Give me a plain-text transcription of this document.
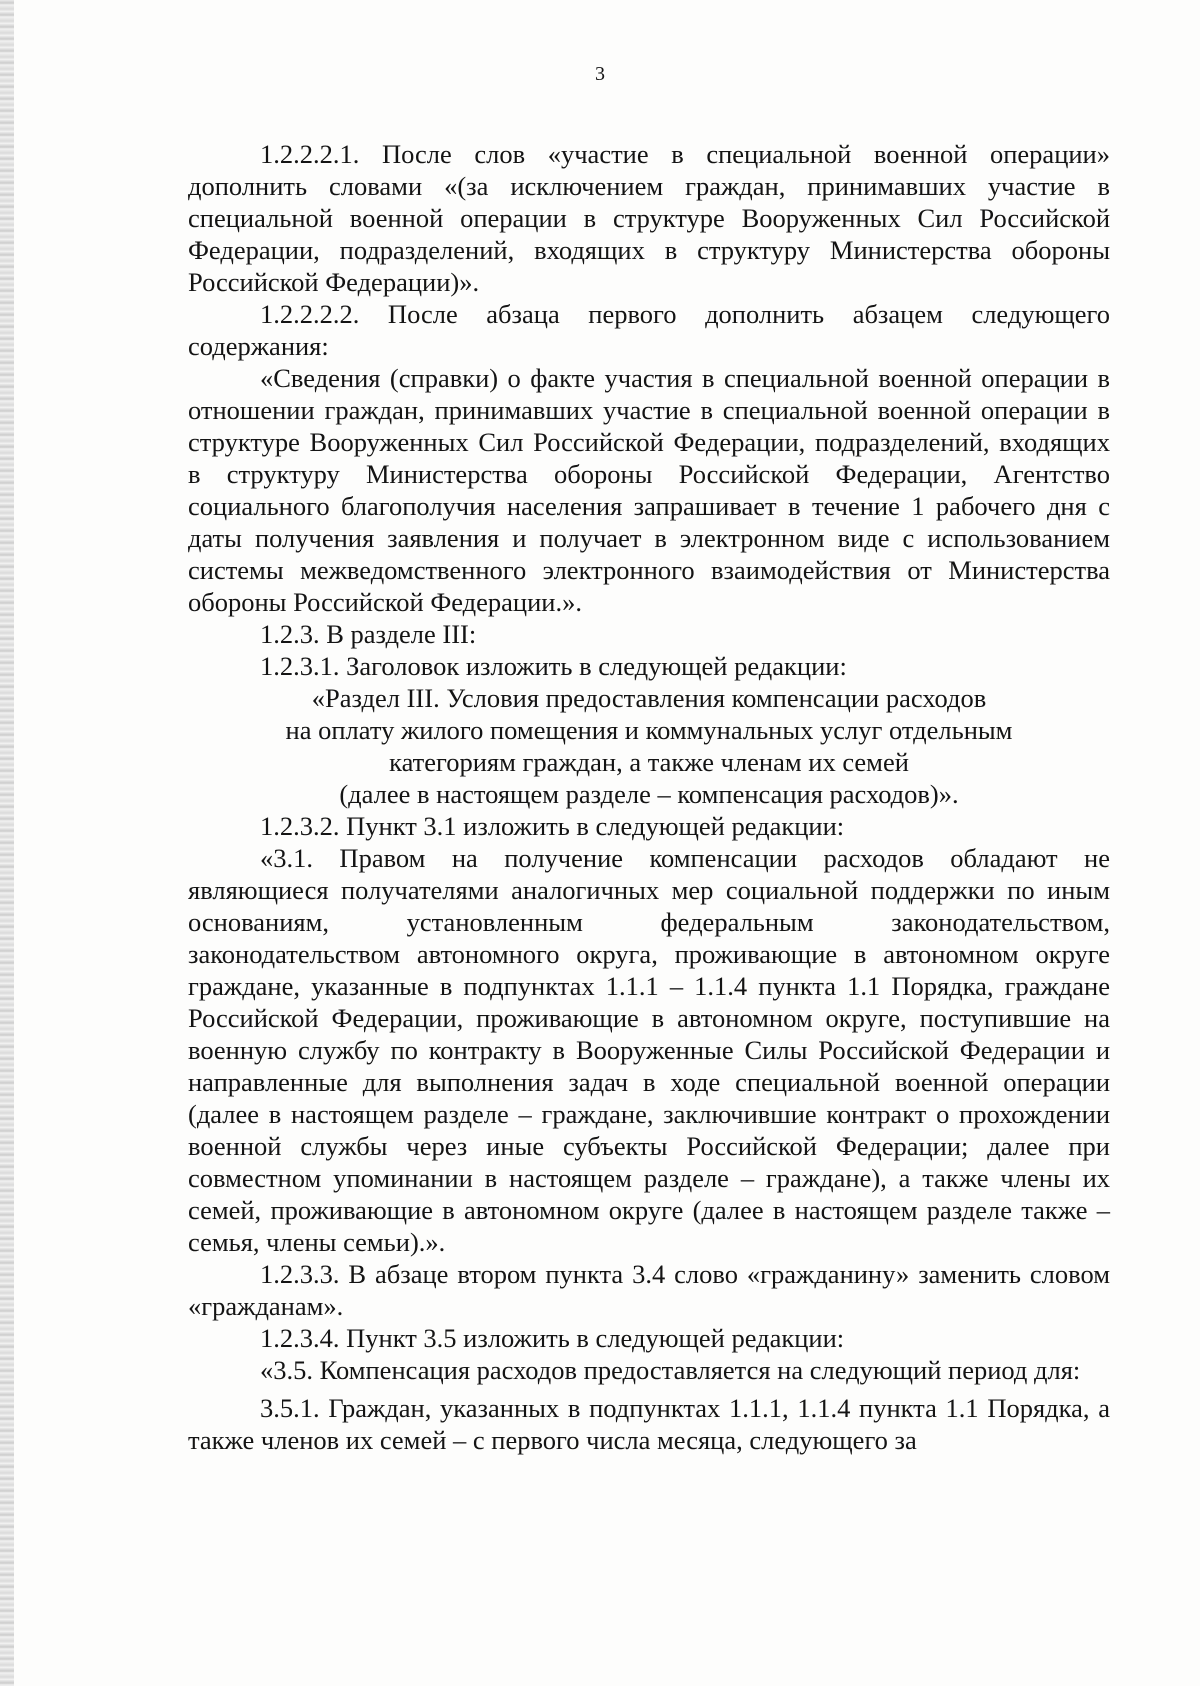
3

1.2.2.2.1. После слов «участие в специальной военной операции» дополнить словами «(за исключением граждан, принимавших участие в специальной военной операции в структуре Вооруженных Сил Российской Федерации, подразделений, входящих в структуру Министерства обороны Российской Федерации)».

1.2.2.2.2. После абзаца первого дополнить абзацем следующего содержания:

«Сведения (справки) о факте участия в специальной военной операции в отношении граждан, принимавших участие в специальной военной операции в структуре Вооруженных Сил Российской Федерации, подразделений, входящих в структуру Министерства обороны Российской Федерации, Агентство социального благополучия населения запрашивает в течение 1 рабочего дня с даты получения заявления и получает в электронном виде с использованием системы межведомственного электронного взаимодействия от Министерства обороны Российской Федерации.».

1.2.3. В разделе III:

1.2.3.1. Заголовок изложить в следующей редакции:

«Раздел III. Условия предоставления компенсации расходов

на оплату жилого помещения и коммунальных услуг отдельным

категориям граждан, а также членам их семей

(далее в настоящем разделе – компенсация расходов)».

1.2.3.2. Пункт 3.1 изложить в следующей редакции:

«3.1. Правом на получение компенсации расходов обладают не являющиеся получателями аналогичных мер социальной поддержки по иным основаниям, установленным федеральным законодательством, законодательством автономного округа, проживающие в автономном округе граждане, указанные в подпунктах 1.1.1 – 1.1.4 пункта 1.1 Порядка, граждане Российской Федерации, проживающие в автономном округе, поступившие на военную службу по контракту в Вооруженные Силы Российской Федерации и направленные для выполнения задач в ходе специальной военной операции (далее в настоящем разделе – граждане, заключившие контракт о прохождении военной службы через иные субъекты Российской Федерации; далее при совместном упоминании в настоящем разделе – граждане), а также члены их семей, проживающие в автономном округе (далее в настоящем разделе также – семья, члены семьи).».

1.2.3.3. В абзаце втором пункта 3.4 слово «гражданину» заменить словом «гражданам».

1.2.3.4. Пункт 3.5 изложить в следующей редакции:

«3.5. Компенсация расходов предоставляется на следующий период для:

3.5.1. Граждан, указанных в подпунктах 1.1.1, 1.1.4 пункта 1.1 Порядка, а также членов их семей – с первого числа месяца, следующего за
